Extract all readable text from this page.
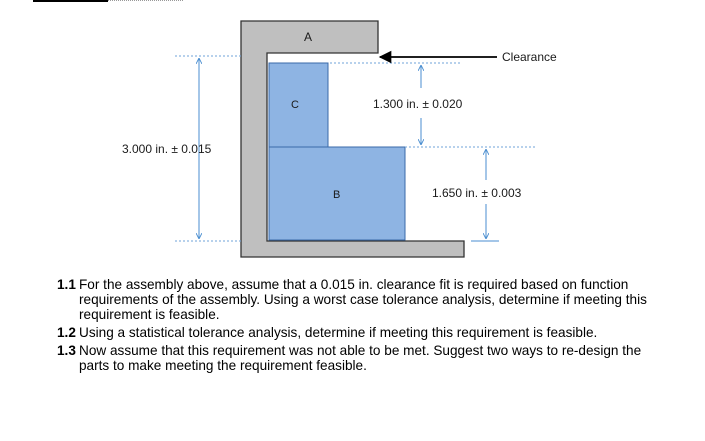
A
C
B
3.000 in. ± 0.015
1.300 in. ± 0.020
1.650 in. ± 0.003
Clearance
1.1 For the assembly above, assume that a 0.015 in. clearance fit is required based on function requirements of the assembly. Using a worst case tolerance analysis, determine if meeting this requirement is feasible.
1.2 Using a statistical tolerance analysis, determine if meeting this requirement is feasible.
1.3 Now assume that this requirement was not able to be met. Suggest two ways to re-design the parts to make meeting the requirement feasible.
